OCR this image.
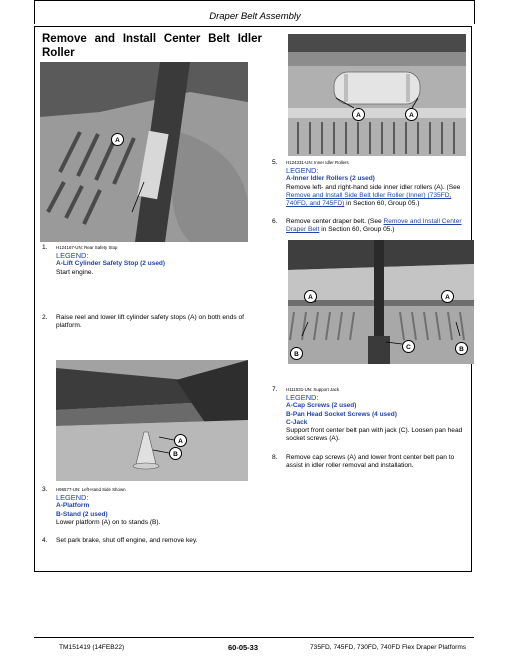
Draper Belt Assembly
Remove and Install Center Belt Idler Roller
A
1. H124167-UN: Rear Safety Stop
LEGEND:
A-Lift Cylinder Safety Stop (2 used)
Start engine.
2. Raise reel and lower lift cylinder safety stops (A) on both ends of platform.
A
B
3. H96577-UN: Left-Hand Side Shown
LEGEND:
A-Platform
B-Stand (2 used)
Lower platform (A) on to stands (B).
4. Set park brake, shut off engine, and remove key.
A	A
5. H124331-UN: Inner Idler Rollers
LEGEND:
A-Inner Idler Rollers (2 used)
Remove left- and right-hand side inner idler rollers (A). (See Remove and Install Side Belt Idler Roller (Inner) (735FD, 740FD, and 745FD) in Section 60, Group 05.)
6. Remove center draper belt. (See Remove and Install Center Draper Belt in Section 60, Group 05.)
A	A
B
B
C
7. H111531-UN: Support Jack
LEGEND:
A-Cap Screws (2 used)
B-Pan Head Socket Screws (4 used)
C-Jack
Support front center belt pan with jack (C). Loosen pan head socket screws (A).
8. Remove cap screws (A) and lower front center belt pan to assist in idler roller removal and installation.
TM151419 (14FEB22)	60-05-33	735FD, 745FD, 730FD, 740FD Flex Draper Platforms
